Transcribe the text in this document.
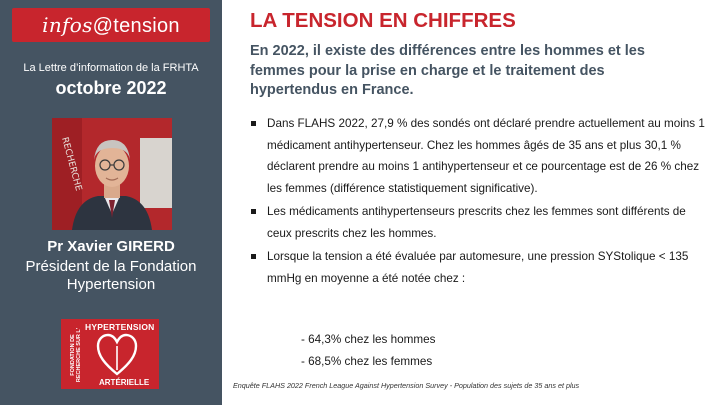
infos@tension
La Lettre d’information de la FRHTA
octobre 2022
RECHERCHE
Pr Xavier GIRERD
Président de la Fondation
Hypertension
FONDATION DE RECHERCHE SUR L'
HYPERTENSION
ARTÉRIELLE
LA TENSION EN CHIFFRES
En 2022, il existe des différences entre les hommes et les femmes pour la prise en charge et le traitement des hypertendus en France.
Dans FLAHS 2022, 27,9 % des sondés ont déclaré prendre actuellement au moins 1 médicament antihypertenseur. Chez les hommes âgés de 35 ans et plus 30,1 % déclarent prendre au moins 1 antihypertenseur et ce pourcentage est de 26 % chez les femmes (différence statistiquement significative).
Les médicaments antihypertenseurs prescrits chez les femmes sont différents de ceux prescrits chez les hommes.
Lorsque la tension a été évaluée par automesure, une pression SYStolique < 135 mmHg en moyenne a été notée chez :
- 64,3% chez les hommes
- 68,5% chez les femmes
Enquête FLAHS 2022 French League Against Hypertension Survey - Population des sujets de 35 ans et plus
